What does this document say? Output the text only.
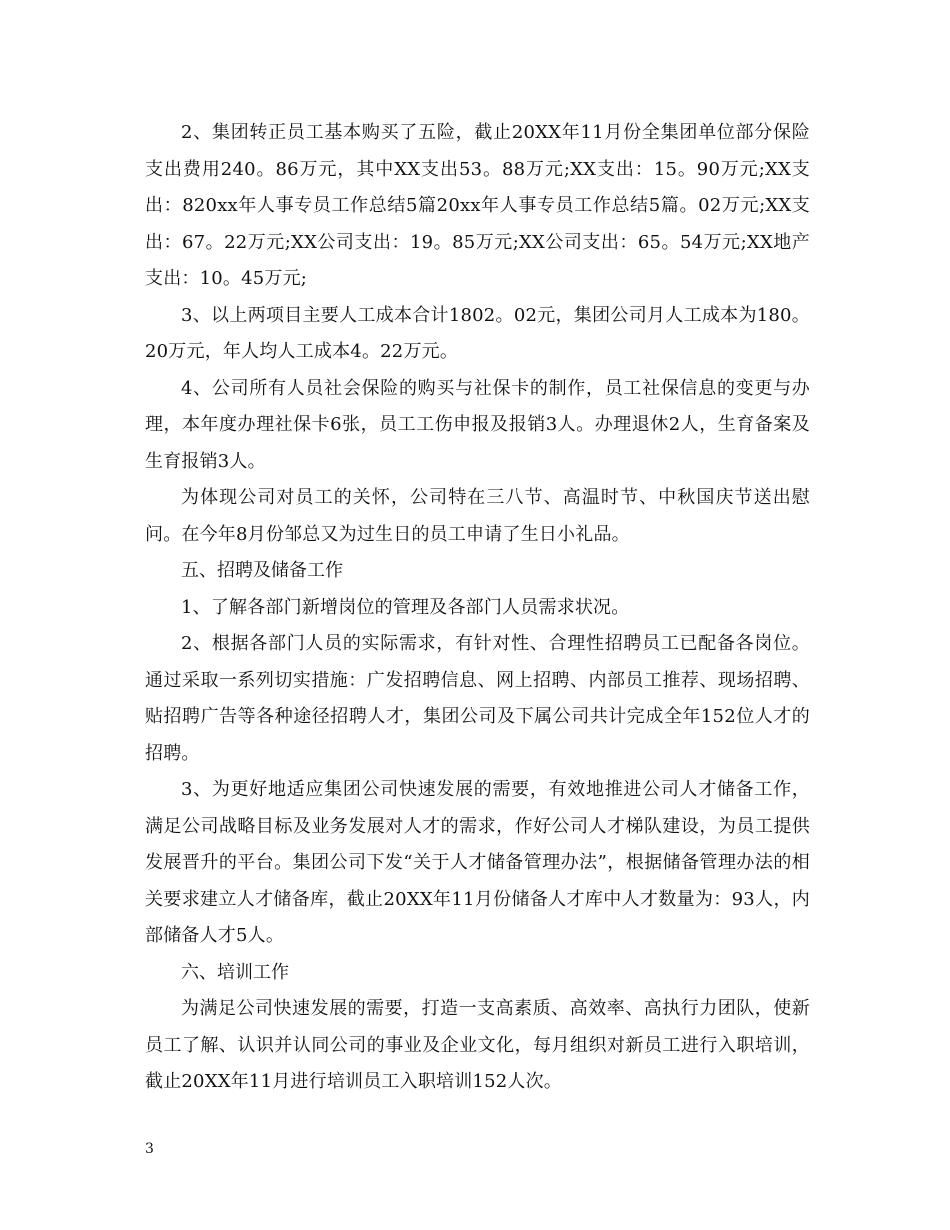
2、集团转正员工基本购买了五险，截止20XX年11月份全集团单位部分保险支出费用240。86万元，其中XX支出53。88万元;XX支出：15。90万元;XX支出：820xx年人事专员工作总结5篇20xx年人事专员工作总结5篇。02万元;XX支出：67。22万元;XX公司支出：19。85万元;XX公司支出：65。54万元;XX地产支出：10。45万元;

3、以上两项目主要人工成本合计1802。02元，集团公司月人工成本为180。20万元，年人均人工成本4。22万元。

4、公司所有人员社会保险的购买与社保卡的制作，员工社保信息的变更与办理，本年度办理社保卡6张，员工工伤申报及报销3人。办理退休2人，生育备案及生育报销3人。

为体现公司对员工的关怀，公司特在三八节、高温时节、中秋国庆节送出慰问。在今年8月份邹总又为过生日的员工申请了生日小礼品。

五、招聘及储备工作

1、了解各部门新增岗位的管理及各部门人员需求状况。

2、根据各部门人员的实际需求，有针对性、合理性招聘员工已配备各岗位。通过采取一系列切实措施：广发招聘信息、网上招聘、内部员工推荐、现场招聘、贴招聘广告等各种途径招聘人才，集团公司及下属公司共计完成全年152位人才的招聘。

3、为更好地适应集团公司快速发展的需要，有效地推进公司人才储备工作，满足公司战略目标及业务发展对人才的需求，作好公司人才梯队建设，为员工提供发展晋升的平台。集团公司下发“关于人才储备管理办法”，根据储备管理办法的相关要求建立人才储备库，截止20XX年11月份储备人才库中人才数量为：93人，内部储备人才5人。

六、培训工作

为满足公司快速发展的需要，打造一支高素质、高效率、高执行力团队，使新员工了解、认识并认同公司的事业及企业文化，每月组织对新员工进行入职培训，截止20XX年11月进行培训员工入职培训152人次。

3
